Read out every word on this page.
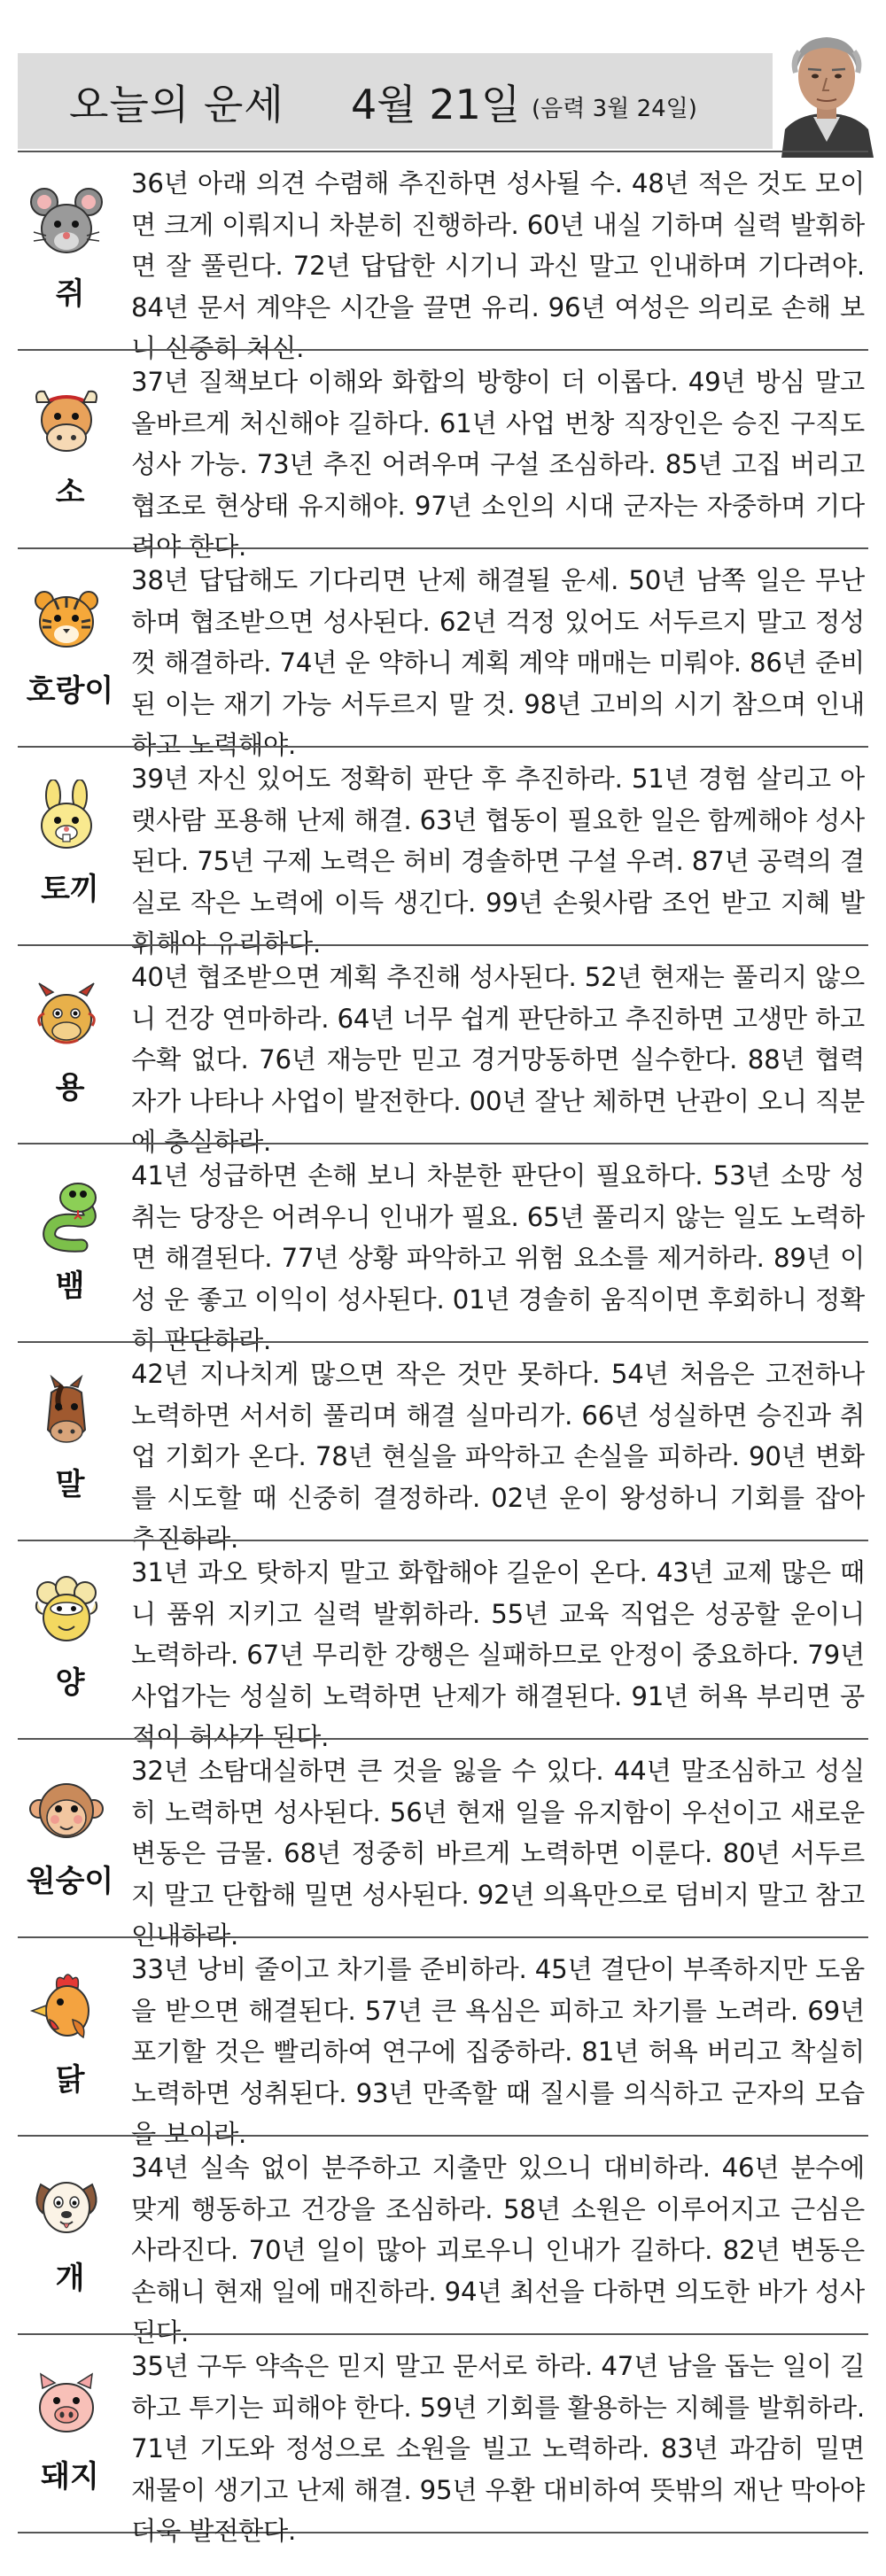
오늘의 운세 4월 21일 (음력 3월 24일)
쥐
36년 아래 의견 수렴해 추진하면 성사될 수. 48년 적은 것도 모이면 크게 이뤄지니 차분히 진행하라. 60년 내실 기하며 실력 발휘하면 잘 풀린다. 72년 답답한 시기니 과신 말고 인내하며 기다려야. 84년 문서 계약은 시간을 끌면 유리. 96년 여성은 의리로 손해 보니 신중히 처신.
소
37년 질책보다 이해와 화합의 방향이 더 이롭다. 49년 방심 말고 올바르게 처신해야 길하다. 61년 사업 번창 직장인은 승진 구직도 성사 가능. 73년 추진 어려우며 구설 조심하라. 85년 고집 버리고 협조로 현상태 유지해야. 97년 소인의 시대 군자는 자중하며 기다려야 한다.
호랑이
38년 답답해도 기다리면 난제 해결될 운세. 50년 남쪽 일은 무난하며 협조받으면 성사된다. 62년 걱정 있어도 서두르지 말고 정성껏 해결하라. 74년 운 약하니 계획 계약 매매는 미뤄야. 86년 준비된 이는 재기 가능 서두르지 말 것. 98년 고비의 시기 참으며 인내하고 노력해야.
토끼
39년 자신 있어도 정확히 판단 후 추진하라. 51년 경험 살리고 아랫사람 포용해 난제 해결. 63년 협동이 필요한 일은 함께해야 성사된다. 75년 구제 노력은 허비 경솔하면 구설 우려. 87년 공력의 결실로 작은 노력에 이득 생긴다. 99년 손윗사람 조언 받고 지혜 발휘해야 유리하다.
용
40년 협조받으면 계획 추진해 성사된다. 52년 현재는 풀리지 않으니 건강 연마하라. 64년 너무 쉽게 판단하고 추진하면 고생만 하고 수확 없다. 76년 재능만 믿고 경거망동하면 실수한다. 88년 협력자가 나타나 사업이 발전한다. 00년 잘난 체하면 난관이 오니 직분에 충실하라.
뱀
41년 성급하면 손해 보니 차분한 판단이 필요하다. 53년 소망 성취는 당장은 어려우니 인내가 필요. 65년 풀리지 않는 일도 노력하면 해결된다. 77년 상황 파악하고 위험 요소를 제거하라. 89년 이성 운 좋고 이익이 성사된다. 01년 경솔히 움직이면 후회하니 정확히 판단하라.
말
42년 지나치게 많으면 작은 것만 못하다. 54년 처음은 고전하나 노력하면 서서히 풀리며 해결 실마리가. 66년 성실하면 승진과 취업 기회가 온다. 78년 현실을 파악하고 손실을 피하라. 90년 변화를 시도할 때 신중히 결정하라. 02년 운이 왕성하니 기회를 잡아 추진하라.
양
31년 과오 탓하지 말고 화합해야 길운이 온다. 43년 교제 많은 때니 품위 지키고 실력 발휘하라. 55년 교육 직업은 성공할 운이니 노력하라. 67년 무리한 강행은 실패하므로 안정이 중요하다. 79년 사업가는 성실히 노력하면 난제가 해결된다. 91년 허욕 부리면 공적이 허사가 된다.
원숭이
32년 소탐대실하면 큰 것을 잃을 수 있다. 44년 말조심하고 성실히 노력하면 성사된다. 56년 현재 일을 유지함이 우선이고 새로운 변동은 금물. 68년 정중히 바르게 노력하면 이룬다. 80년 서두르지 말고 단합해 밀면 성사된다. 92년 의욕만으로 덤비지 말고 참고 인내하라.
닭
33년 낭비 줄이고 차기를 준비하라. 45년 결단이 부족하지만 도움을 받으면 해결된다. 57년 큰 욕심은 피하고 차기를 노려라. 69년 포기할 것은 빨리하여 연구에 집중하라. 81년 허욕 버리고 착실히 노력하면 성취된다. 93년 만족할 때 질시를 의식하고 군자의 모습을 보이라.
개
34년 실속 없이 분주하고 지출만 있으니 대비하라. 46년 분수에 맞게 행동하고 건강을 조심하라. 58년 소원은 이루어지고 근심은 사라진다. 70년 일이 많아 괴로우니 인내가 길하다. 82년 변동은 손해니 현재 일에 매진하라. 94년 최선을 다하면 의도한 바가 성사된다.
돼지
35년 구두 약속은 믿지 말고 문서로 하라. 47년 남을 돕는 일이 길하고 투기는 피해야 한다. 59년 기회를 활용하는 지혜를 발휘하라. 71년 기도와 정성으로 소원을 빌고 노력하라. 83년 과감히 밀면 재물이 생기고 난제 해결. 95년 우환 대비하여 뜻밖의 재난 막아야 더욱 발전한다.
